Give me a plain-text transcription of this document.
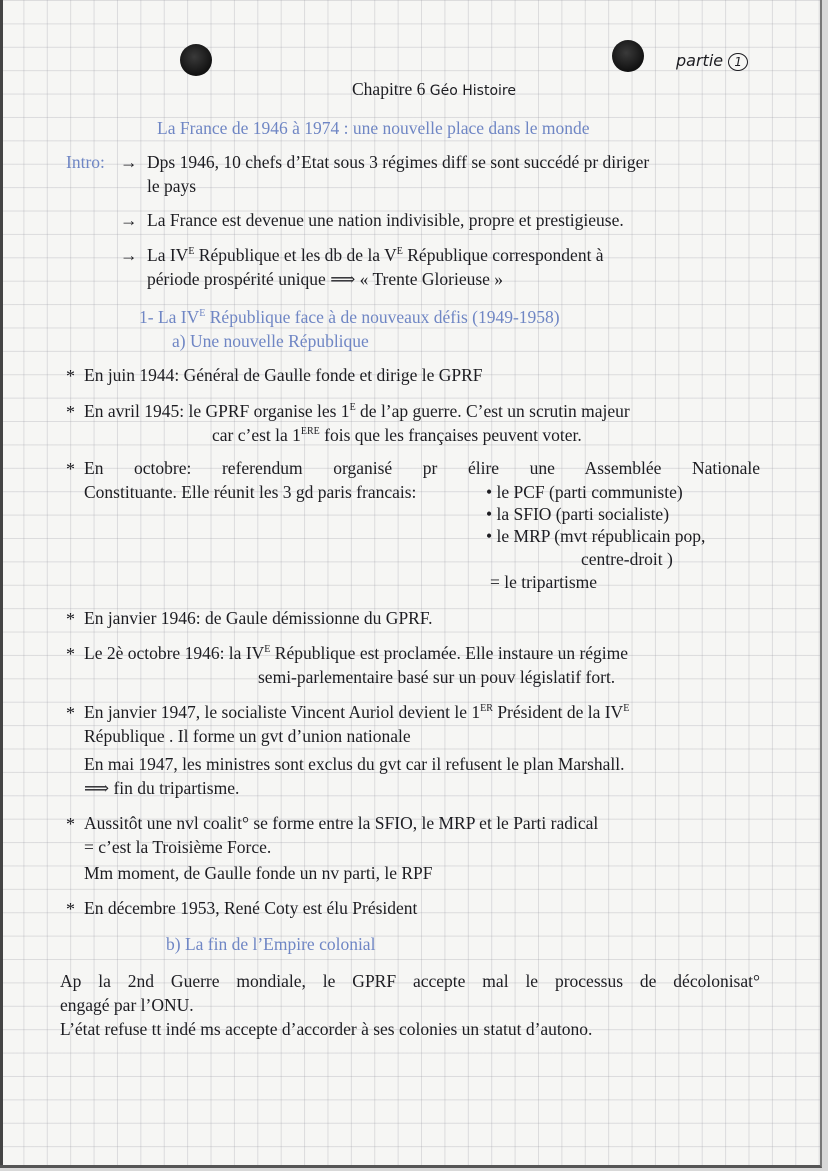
Chapitre 6 Géo Histoire
partie 1
La France de 1946 à 1974 : une nouvelle place dans le monde
Intro: → Dps 1946, 10 chefs d’Etat sous 3 régimes diff se sont succédé pr diriger
le pays
→ La France est devenue une nation indivisible, propre et prestigieuse.
→ La $IV^E$ République et les db de la $V^E$ République correspondent à
période prospérité unique ⟹ « Trente Glorieuse »
1- La $IV^E$ République face à de nouveaux défis (1949-1958)
a) Une nouvelle République
* En juin 1944: Général de Gaulle fonde et dirige le GPRF
* En avril 1945: le GPRF organise les $1^E$ de l’ap guerre. C’est un scrutin majeur
car c’est la 1ERE fois que les françaises peuvent voter.
* En octobre: referendum organisé pr élire une Assemblée Nationale
Constituante. Elle réunit les 3 gd paris francais:	• le PCF (parti communiste)
• la SFIO (parti socialiste)
• le MRP (mvt républicain pop,
centre-droit )
= le tripartisme
* En janvier 1946: de Gaule démissionne du GPRF.
* Le 2è octobre 1946: la $IV^E$ République est proclamée. Elle instaure un régime
semi-parlementaire basé sur un pouv législatif fort.
* En janvier 1947, le socialiste Vincent Auriol devient le 1ER Président de la $IV^E$
République . Il forme un gvt d’union nationale
En mai 1947, les ministres sont exclus du gvt car il refusent le plan Marshall.
⟹ fin du tripartisme.
* Aussitôt une nvl coalit° se forme entre la SFIO, le MRP et le Parti radical
= c’est la Troisième Force.
Mm moment, de Gaulle fonde un nv parti, le RPF
* En décembre 1953, René Coty est élu Président
b) La fin de l’Empire colonial
Ap la 2nd Guerre mondiale, le GPRF accepte mal le processus de décolonisat°
engagé par l’ONU.
L’état refuse tt indé ms accepte d’accorder à ses colonies un statut d’autono.
